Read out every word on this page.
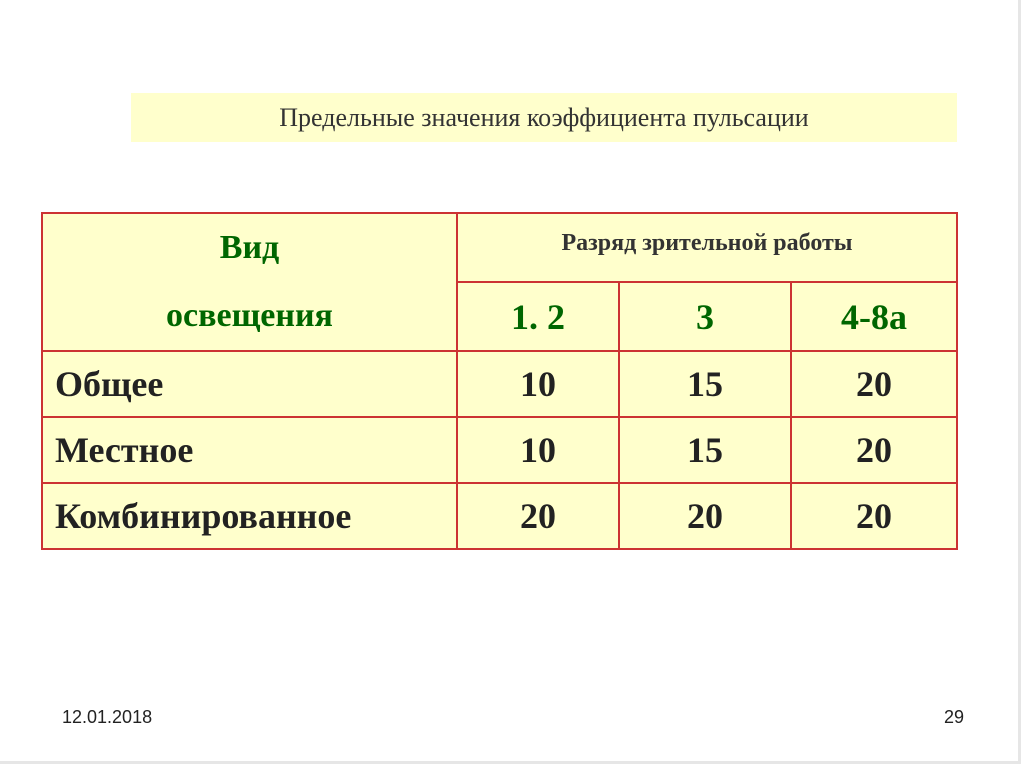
Предельные значения коэффициента пульсации
Вид
освещения	Разряд зрительной работы		
	1. 2	3	4-8а
Общее	10	15	20
Местное	10	15	20
Комбинированное	20	20	20
12.01.2018	29
